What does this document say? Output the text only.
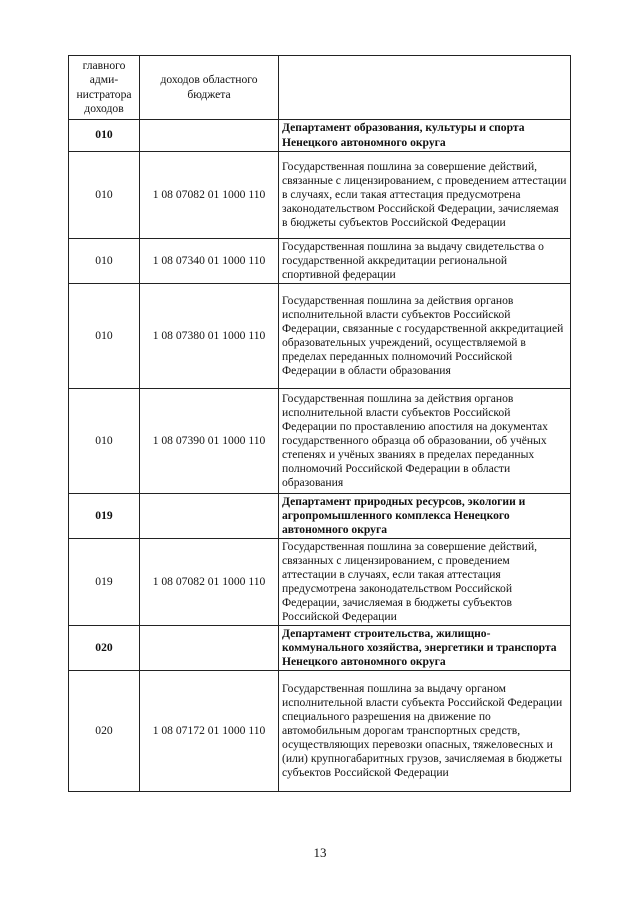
главного адми-нистратора доходов	доходов областного бюджета	
010		Департамент образования, культуры и спорта Ненецкого автономного округа
010	1 08 07082 01 1000 110	Государственная пошлина за совершение действий, связанные с лицензированием, с проведением аттестации в случаях, если такая аттестация предусмотрена законодательством Российской Федерации, зачисляемая в бюджеты субъектов Российской Федерации
010	1 08 07340 01 1000 110	Государственная пошлина за выдачу свидетельства о государственной аккредитации региональной спортивной федерации
010	1 08 07380 01 1000 110	Государственная пошлина за действия органов исполнительной власти субъектов Российской Федерации, связанные с государственной аккредитацией образовательных учреждений, осуществляемой в пределах переданных полномочий Российской Федерации в области образования
010	1 08 07390 01 1000 110	Государственная пошлина за действия органов исполнительной власти субъектов Российской Федерации по проставлению апостиля на документах государственного образца об образовании, об учёных степенях и учёных званиях в пределах переданных полномочий Российской Федерации в области образования
019		Департамент природных ресурсов, экологии и агропромышленного комплекса Ненецкого автономного округа
019	1 08 07082 01 1000 110	Государственная пошлина за совершение действий, связанных с лицензированием, с проведением аттестации в случаях, если такая аттестация предусмотрена законодательством Российской Федерации, зачисляемая в бюджеты субъектов Российской Федерации
020		Департамент строительства, жилищно-коммунального хозяйства, энергетики и транспорта Ненецкого автономного округа
020	1 08 07172 01 1000 110	Государственная пошлина за выдачу органом исполнительной власти субъекта Российской Федерации специального разрешения на движение по автомобильным дорогам транспортных средств, осуществляющих перевозки опасных, тяжеловесных и (или) крупногабаритных грузов, зачисляемая в бюджеты субъектов Российской Федерации
13
